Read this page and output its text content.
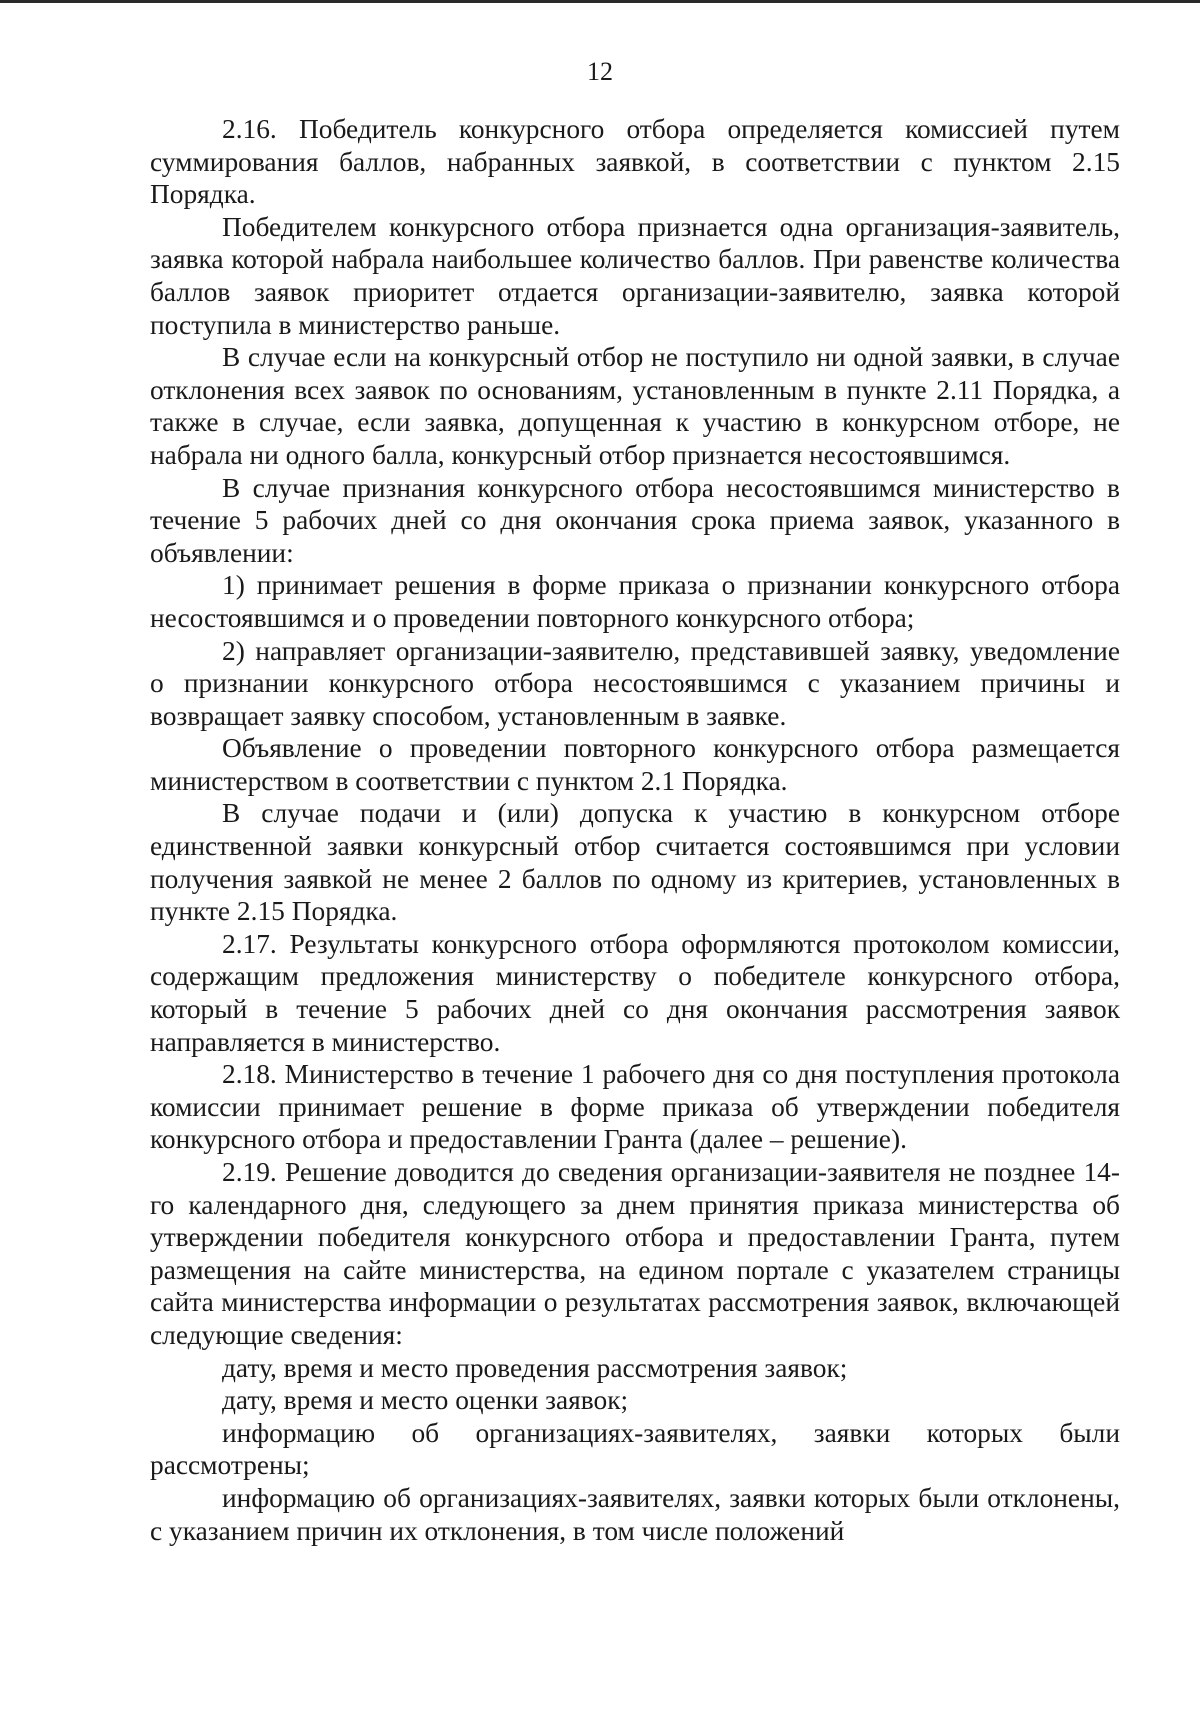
12

2.16. Победитель конкурсного отбора определяется комиссией путем суммирования баллов, набранных заявкой, в соответствии с пунктом 2.15 Порядка.

Победителем конкурсного отбора признается одна организация-заявитель, заявка которой набрала наибольшее количество баллов. При равенстве количества баллов заявок приоритет отдается организации-заявителю, заявка которой поступила в министерство раньше.

В случае если на конкурсный отбор не поступило ни одной заявки, в случае отклонения всех заявок по основаниям, установленным в пункте 2.11 Порядка, а также в случае, если заявка, допущенная к участию в конкурсном отборе, не набрала ни одного балла, конкурсный отбор признается несостоявшимся.

В случае признания конкурсного отбора несостоявшимся министерство в течение 5 рабочих дней со дня окончания срока приема заявок, указанного в объявлении:

1) принимает решения в форме приказа о признании конкурсного отбора несостоявшимся и о проведении повторного конкурсного отбора;

2) направляет организации-заявителю, представившей заявку, уведомление о признании конкурсного отбора несостоявшимся с указанием причины и возвращает заявку способом, установленным в заявке.

Объявление о проведении повторного конкурсного отбора размещается министерством в соответствии с пунктом 2.1 Порядка.

В случае подачи и (или) допуска к участию в конкурсном отборе единственной заявки конкурсный отбор считается состоявшимся при условии получения заявкой не менее 2 баллов по одному из критериев, установленных в пункте 2.15 Порядка.

2.17. Результаты конкурсного отбора оформляются протоколом комиссии, содержащим предложения министерству о победителе конкурсного отбора, который в течение 5 рабочих дней со дня окончания рассмотрения заявок направляется в министерство.

2.18. Министерство в течение 1 рабочего дня со дня поступления протокола комиссии принимает решение в форме приказа об утверждении победителя конкурсного отбора и предоставлении Гранта (далее – решение).

2.19. Решение доводится до сведения организации-заявителя не позднее 14-го календарного дня, следующего за днем принятия приказа министерства об утверждении победителя конкурсного отбора и предоставлении Гранта, путем размещения на сайте министерства, на едином портале с указателем страницы сайта министерства информации о результатах рассмотрения заявок, включающей следующие сведения:

дату, время и место проведения рассмотрения заявок;

дату, время и место оценки заявок;

информацию об организациях-заявителях, заявки которых были рассмотрены;

информацию об организациях-заявителях, заявки которых были отклонены, с указанием причин их отклонения, в том числе положений
